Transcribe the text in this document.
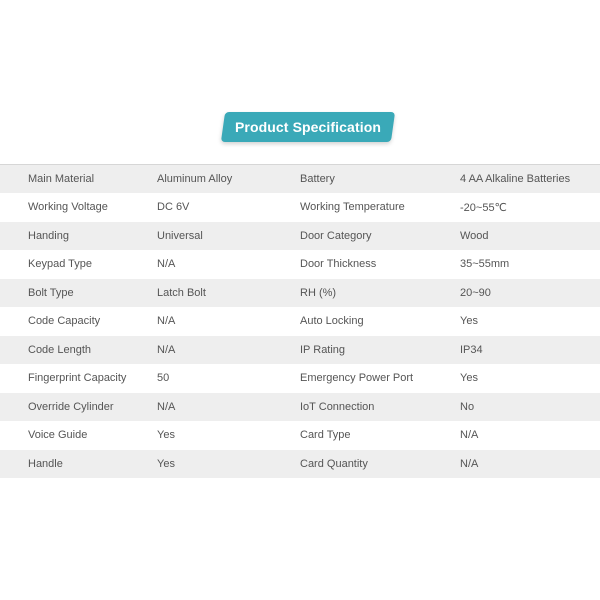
Product Specification
Main Material	Aluminum Alloy	Battery	4 AA Alkaline Batteries
Working Voltage	DC 6V	Working Temperature	-20~55℃
Handing	Universal	Door Category	Wood
Keypad Type	N/A	Door Thickness	35~55mm
Bolt Type	Latch Bolt	RH (%)	20~90
Code Capacity	N/A	Auto Locking	Yes
Code Length	N/A	IP Rating	IP34
Fingerprint Capacity	50	Emergency Power Port	Yes
Override Cylinder	N/A	IoT Connection	No
Voice Guide	Yes	Card Type	N/A
Handle	Yes	Card Quantity	N/A
